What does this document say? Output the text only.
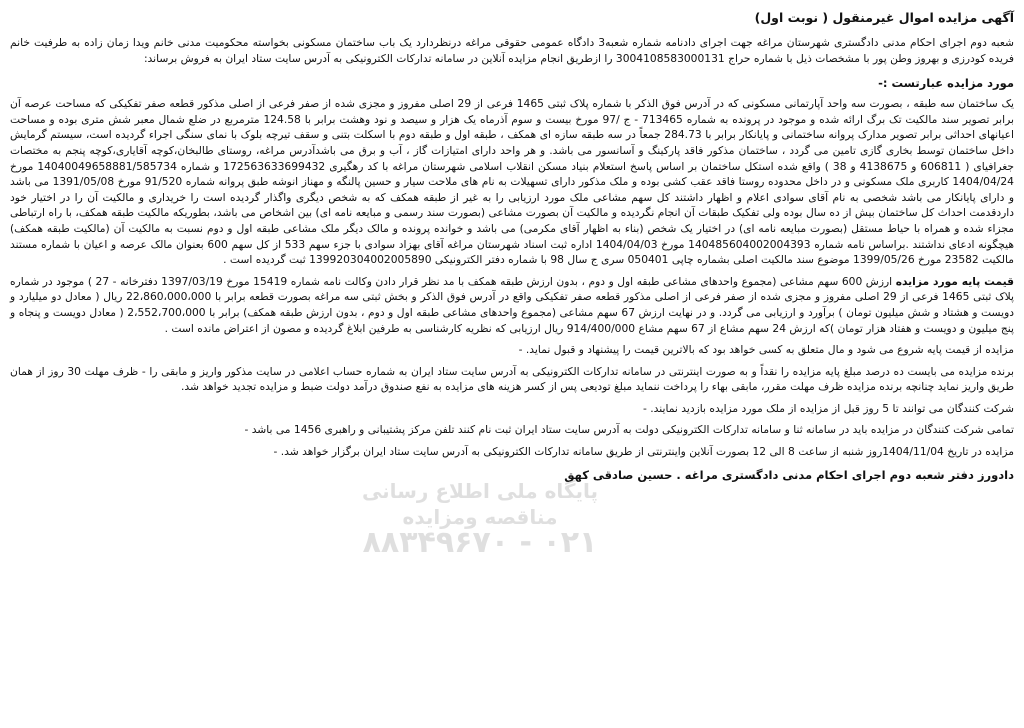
آگهی مزایده اموال غیرمنقول ( نوبت اول)

شعبه دوم اجرای احکام مدنی دادگستری شهرستان مراغه جهت اجرای دادنامه شماره شعبه3 دادگاه عمومی حقوقی مراغه درنظردارد یک باب ساختمان مسکونی بخواسته محکومیت مدنی خانم ویدا زمان زاده به طرفیت خانم فریده کودرزی و بهروز وطن پور با مشخصات ذیل با شماره حراج 300410858300013‬1 را ازطریق انجام مزایده آنلاین در سامانه تدارکات الکترونیکی به آدرس سایت ستاد ایران به فروش برساند:

مورد مزایده عبارتست :-

یک ساختمان سه طبقه ، بصورت سه واحد آپارتمانی مسکونی که در آدرس فوق الذکر با شماره پلاک ثبتی 1465 فرعی از 29 اصلی مفروز و مجزی شده از صفر فرعی از اصلی مذکور قطعه صفر تفکیکی که مساحت عرصه آن برابر تصویر سند مالکیت تک برگ ارائه شده و موجود در پرونده به شماره 713465 - ج /97 مورخ بیست و سوم آذرماه یک هزار و سیصد و نود وهشت برابر با 124.58 مترمربع در ضلع شمال معبر شش متری بوده و مساحت اعیانهای احداثی برابر تصویر مدارک پروانه ساختمانی و پایانکار برابر با 284.73 جمعاً در سه طبقه سازه ای همکف ، طبقه اول و طبقه دوم با اسکلت بتنی و سقف تیرچه بلوک با نمای سنگی اجراء گردیده است، سیستم گرمایش داخل ساختمان توسط بخاری گازی تامین می گردد ، ساختمان مذکور فاقد پارکینگ و آسانسور می باشد. و هر واحد دارای امتیازات گاز ، آب و برق می باشدآدرس مراغه، روستای طالبخان،کوچه آقایاری،کوچه پنجم به مختصات جغرافیای ( 606811 و 4138675 و 38 ) واقع شده استکل ساختمان بر اساس پاسخ استعلام بنیاد مسکن انقلاب اسلامی شهرستان مراغه با کد رهگیری 172563633699432 و شماره 14040049658881/585734 مورخ 1404/04/24 کاربری ملک مسکونی و در داخل محدوده روستا فاقد عقب کشی بوده و ملک مذکور دارای تسهیلات به نام های ملاحت سیار و حسین پالنگه و مهناز انوشه طبق پروانه شماره 91/520 مورخ 1391/05/08 می باشد و دارای پایانکار می باشد شخصی به نام آقای سوادی اعلام و اظهار داشتند کل سهم مشاعی ملک مورد ارزیابی را به غیر از طبقه همکف که به شخص دیگری واگذار گردیده است را خریداری و مالکیت آن را در اختیار خود داردقدمت احداث کل ساختمان بیش از ده سال بوده ولی تفکیک طبقات آن انجام نگردیده و مالکیت آن بصورت مشاعی (بصورت سند رسمی و مبایعه نامه ای) بین اشخاص می باشد، بطوریکه مالکیت طبقه همکف، با راه ارتباطی مجزاء شده و همراه با حیاط مستقل (بصورت مبایعه نامه ای) در اختیار یک شخص (بناء به اظهار آقای مکرمی) می باشد و خوانده پرونده و مالک دیگر ملک مشاعی طبقه اول و دوم نسبت به مالکیت آن (مالکیت طبقه همکف) هیچگونه ادعای نداشتند .براساس نامه شماره 140485604002004393 مورخ 1404/04/03 اداره ثبت اسناد شهرستان مراغه آقای بهزاد سوادی با جزء سهم 533 از کل سهم 600 بعنوان مالک عرصه و اعیان با شماره مستند مالکیت 23582 مورخ 1399/05/26 موضوع سند مالکیت اصلی بشماره چاپی 050401 سری ج سال 98 با شماره دفتر الکترونیکی 139920304002005890 ثبت گردیده است .

قیمت پایه مورد مزایده ارزش 600 سهم مشاعی (مجموع واحدهای مشاعی طبقه اول و دوم ، بدون ارزش طبقه همکف با مد نظر قرار دادن وکالت نامه شماره 15419 مورخ 1397/03/19 دفترخانه - 27 ) موجود در شماره پلاک ثبتی 1465 فرعی از 29 اصلی مفروز و مجزی شده از صفر فرعی از اصلی مذکور قطعه صفر تفکیکی واقع در آدرس فوق الذکر و بخش ثبتی سه مراغه بصورت قطعه برابر با 22،860،000،000 ریال ( معادل دو میلیارد و دویست و هشتاد و شش میلیون تومان ) برآورد و ارزیابی می گردد. و در نهایت ارزش 67 سهم مشاعی (مجموع واحدهای مشاعی طبقه اول و دوم ، بدون ارزش طبقه همکف) برابر با 2،552،700،000 ( معادل دویست و پنجاه و پنج میلیون و دویست و هفتاد هزار تومان )که ارزش 24 سهم مشاع از 67 سهم مشاع 914/400/000 ریال ارزیابی که نظریه کارشناسی به طرفین ابلاغ گردیده و مصون از اعتراض مانده است .

مزایده از قیمت پایه شروع می شود و مال متعلق به کسی خواهد بود که بالاترین قیمت را پیشنهاد و قبول نماید. -

برنده مزایده می بایست ده درصد مبلغ پایه مزایده را نقداً و به صورت اینترنتی در سامانه تدارکات الکترونیکی به آدرس سایت ستاد ایران به شماره حساب اعلامی در سایت مذکور واریز و مابقی را - ظرف مهلت 30 روز از همان طریق واریز نماید چنانچه برنده مزایده ظرف مهلت مقرر، مابقی بهاء را پرداخت ننماید مبلغ تودیعی پس از کسر هزینه های مزایده به نفع صندوق درآمد دولت ضبط و مزایده تجدید خواهد شد.

شرکت کنندگان می توانند تا 5 روز قبل از مزایده از ملک مورد مزایده بازدید نمایند. -

تمامی شرکت کنندگان در مزایده باید در سامانه ثنا و سامانه تدارکات الکترونیکی دولت به آدرس سایت ستاد ایران ثبت نام کنند تلفن مرکز پشتیبانی و راهبری 1456 می باشد -

مزایده در تاریخ 1404/11/04روز شنبه از ساعت 8 الی 12 بصورت آنلاین واینترنتی از طریق سامانه تدارکات الکترونیکی به آدرس سایت ستاد ایران برگزار خواهد شد. -

دادورز دفتر شعبه دوم اجرای احکام مدنی دادگستری مراغه . حسین صادقی کهق
پایگاه ملی اطلاع رسانی مناقصه ومزایده
۰۲۱ - ۸۸۳۴۹۶۷۰
